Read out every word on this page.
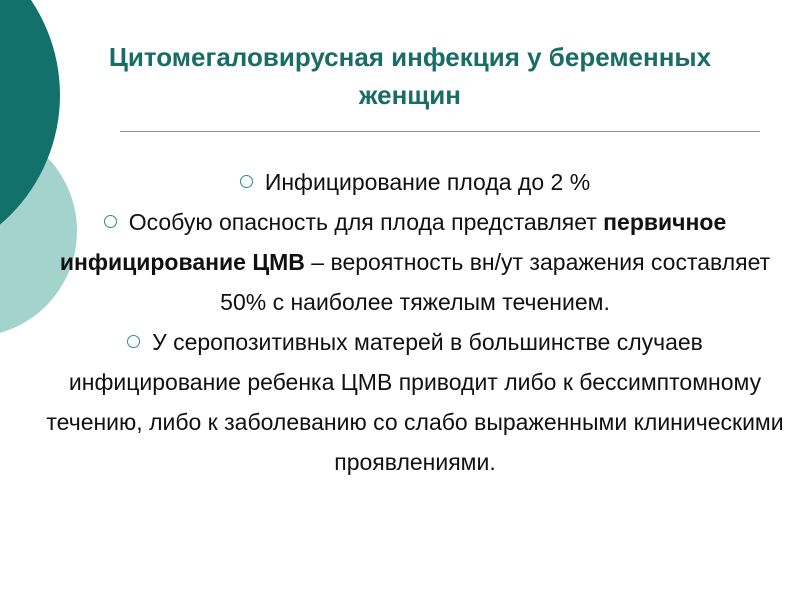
Цитомегаловирусная инфекция у беременных женщин

Инфицирование плода до 2 %

Особую опасность для плода представляет первичное инфицирование ЦМВ – вероятность вн/ут заражения составляет 50% с наиболее тяжелым течением.

У серопозитивных матерей в большинстве случаев инфицирование ребенка ЦМВ приводит либо к бессимптомному течению, либо к заболеванию со слабо выраженными клиническими проявлениями.
